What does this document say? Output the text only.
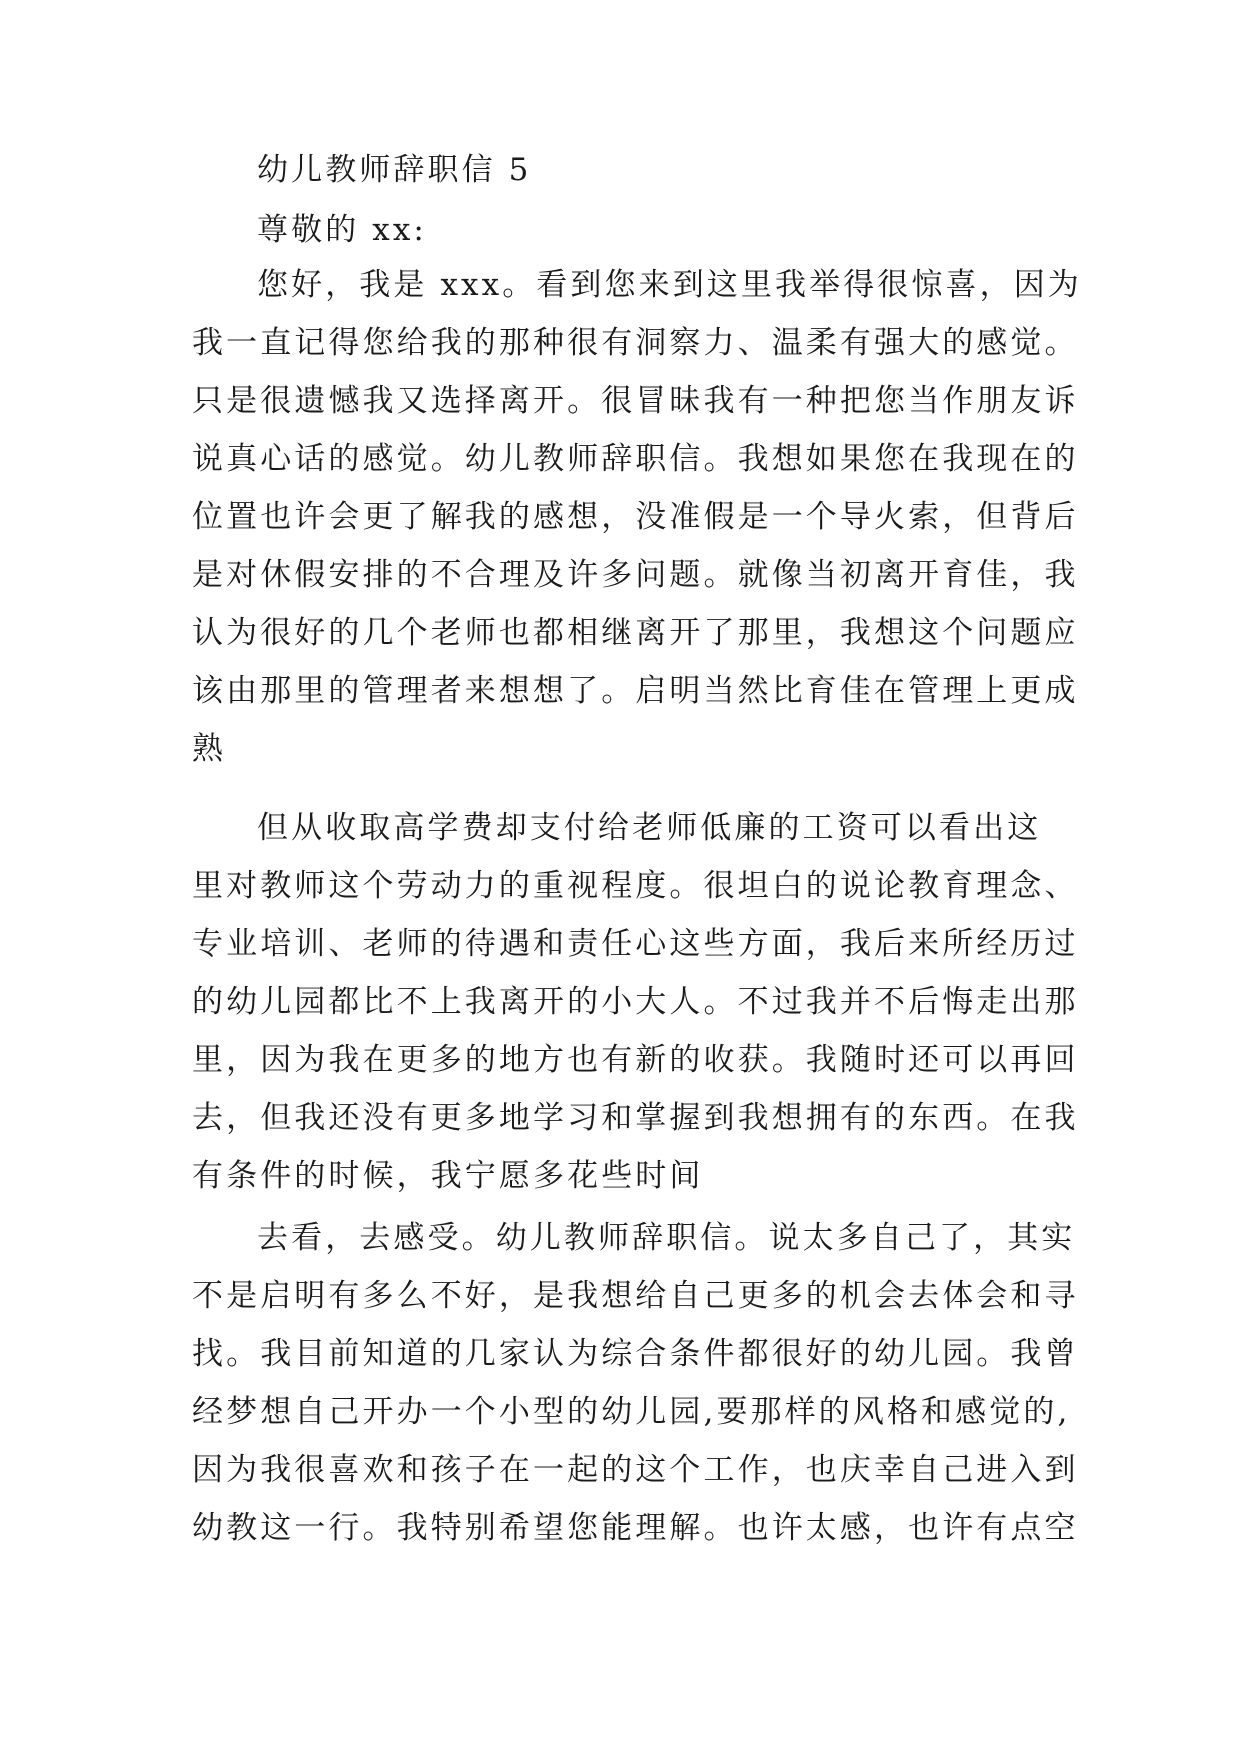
幼儿教师辞职信 5
尊敬的 xx:
您好，我是 xxx。看到您来到这里我举得很惊喜，因为
我一直记得您给我的那种很有洞察力、温柔有强大的感觉。
只是很遗憾我又选择离开。很冒昧我有一种把您当作朋友诉
说真心话的感觉。幼儿教师辞职信。我想如果您在我现在的
位置也许会更了解我的感想，没准假是一个导火索，但背后
是对休假安排的不合理及许多问题。就像当初离开育佳，我
认为很好的几个老师也都相继离开了那里，我想这个问题应
该由那里的管理者来想想了。启明当然比育佳在管理上更成
熟
但从收取高学费却支付给老师低廉的工资可以看出这
里对教师这个劳动力的重视程度。很坦白的说论教育理念、
专业培训、老师的待遇和责任心这些方面，我后来所经历过
的幼儿园都比不上我离开的小大人。不过我并不后悔走出那
里，因为我在更多的地方也有新的收获。我随时还可以再回
去，但我还没有更多地学习和掌握到我想拥有的东西。在我
有条件的时候，我宁愿多花些时间
去看，去感受。幼儿教师辞职信。说太多自己了，其实
不是启明有多么不好，是我想给自己更多的机会去体会和寻
找。我目前知道的几家认为综合条件都很好的幼儿园。我曾
经梦想自己开办一个小型的幼儿园,要那样的风格和感觉的,
因为我很喜欢和孩子在一起的这个工作，也庆幸自己进入到
幼教这一行。我特别希望您能理解。也许太感，也许有点空
